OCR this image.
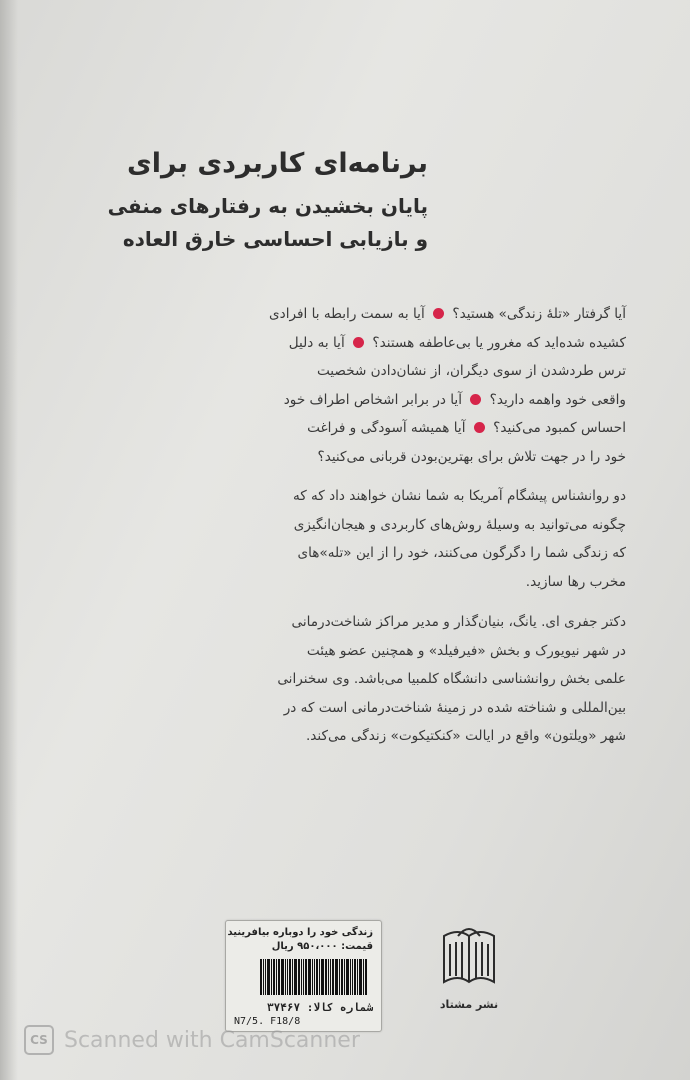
برنامه‌ای کاربردی برای
پایان بخشیدن به رفتارهای منفی
و بازیابی احساسی خارق العاده
آیا گرفتار «تلهٔ زندگی» هستید؟  آیا به سمت رابطه با افرادی
کشیده شده‌اید که مغرور یا بی‌عاطفه هستند؟  آیا به دلیل
ترس طردشدن از سوی دیگران، از نشان‌دادن شخصیت
واقعی خود واهمه دارید؟  آیا در برابر اشخاص اطراف خود
احساس کمبود می‌کنید؟  آیا همیشه آسودگی و فراغت
خود را در جهت تلاش برای بهترین‌بودن قربانی می‌کنید؟
دو روانشناس پیشگام آمریکا به شما نشان خواهند داد که که
چگونه می‌توانید به وسیلهٔ روش‌های کاربردی و هیجان‌انگیزی
که زندگی شما را دگرگون می‌کنند، خود را از این «تله»‌های
مخرب رها سازید.
دکتر جفری ای. یانگ، بنیان‌گذار و مدیر مراکز شناخت‌درمانی
در شهر نیویورک و بخش «فیرفیلد» و همچنین عضو هیئت
علمی بخش روانشناسی دانشگاه کلمبیا می‌باشد. وی سخنرانی
بین‌المللی و شناخته شده در زمینهٔ شناخت‌درمانی است که در
شهر «ویلتون» واقع در ایالت «کنکتیکوت» زندگی می‌کند.
زندگی خود را دوباره بیافرینید
قیمت: ۹۵۰،۰۰۰ ریال
شماره کالا: ۳۷۴۶۷
N7/5. F18/8
نشر مشتاد
CS Scanned with CamScanner
